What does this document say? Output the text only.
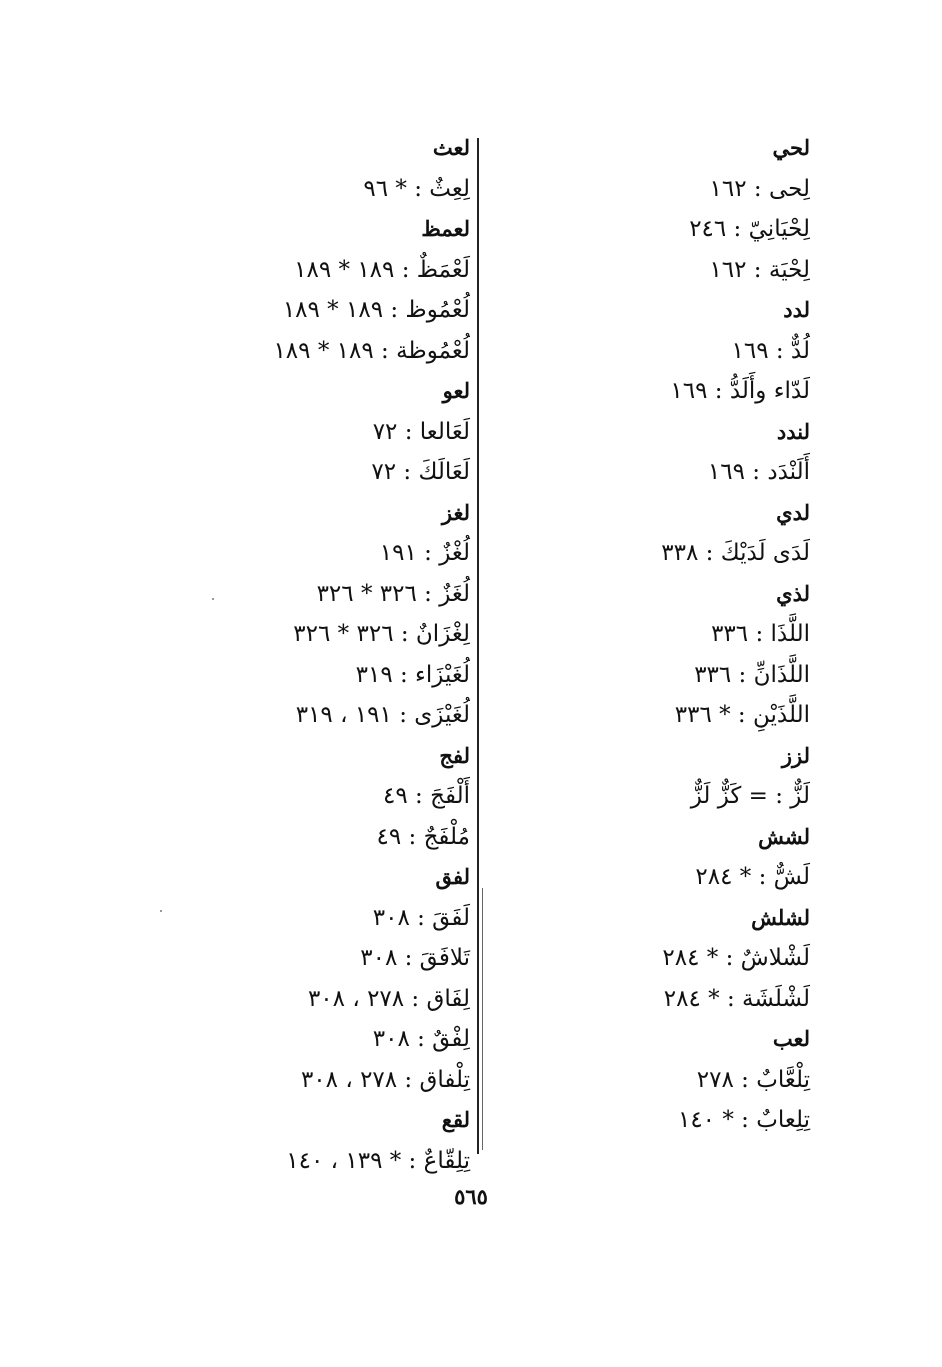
لحي
لِحى : ١٦٢
لِحْيَانِيّ : ٢٤٦
لِحْيَة : ١٦٢
لدد
لُدٌّ : ١٦٩
لَدّاء وأَلَدُّ : ١٦٩
لندد
أَلَنْدَد : ١٦٩
لدي
لَدَى لَدَيْكَ : ٣٣٨
لذي
اللَّذَا : ٣٣٦
اللَّذَانِّ : ٣٣٦
اللَّذَيْنِ : * ٣٣٦
لزز
لَزٌّ : = كَزٌّ لَزٌّ
لشش
لَشٌّ : * ٢٨٤
لشلش
لَشْلاشٌ : * ٢٨٤
لَشْلَشَة : * ٢٨٤
لعب
تِلْعَّابٌ : ٢٧٨
تِلِعابٌ : * ١٤٠
لعث
لِعِثٌ : * ٩٦
لعمظ
لَعْمَظٌ : ١٨٩ * ١٨٩
لُعْمُوظ : ١٨٩ * ١٨٩
لُعْمُوظة : ١٨٩ * ١٨٩
لعو
لَعَالعا : ٧٢
لَعَالَكَ : ٧٢
لغز
لُغْزٌ : ١٩١
لُغَزٌ : ٣٢٦ * ٣٢٦
لِغْزَانٌ : ٣٢٦ * ٣٢٦
لُغَيْزَاء : ٣١٩
لُغَيْزَى : ١٩١ ، ٣١٩
لفج
أَلْفَجَ : ٤٩
مُلْفَجٌ : ٤٩
لفق
لَفَقَ : ٣٠٨
تَلافَقَ : ٣٠٨
لِفَاق : ٢٧٨ ، ٣٠٨
لِفْقٌ : ٣٠٨
تِلْفاق : ٢٧٨ ، ٣٠٨
لقع
تِلِقّاعٌ : * ١٣٩ ، ١٤٠
٥٦٥
